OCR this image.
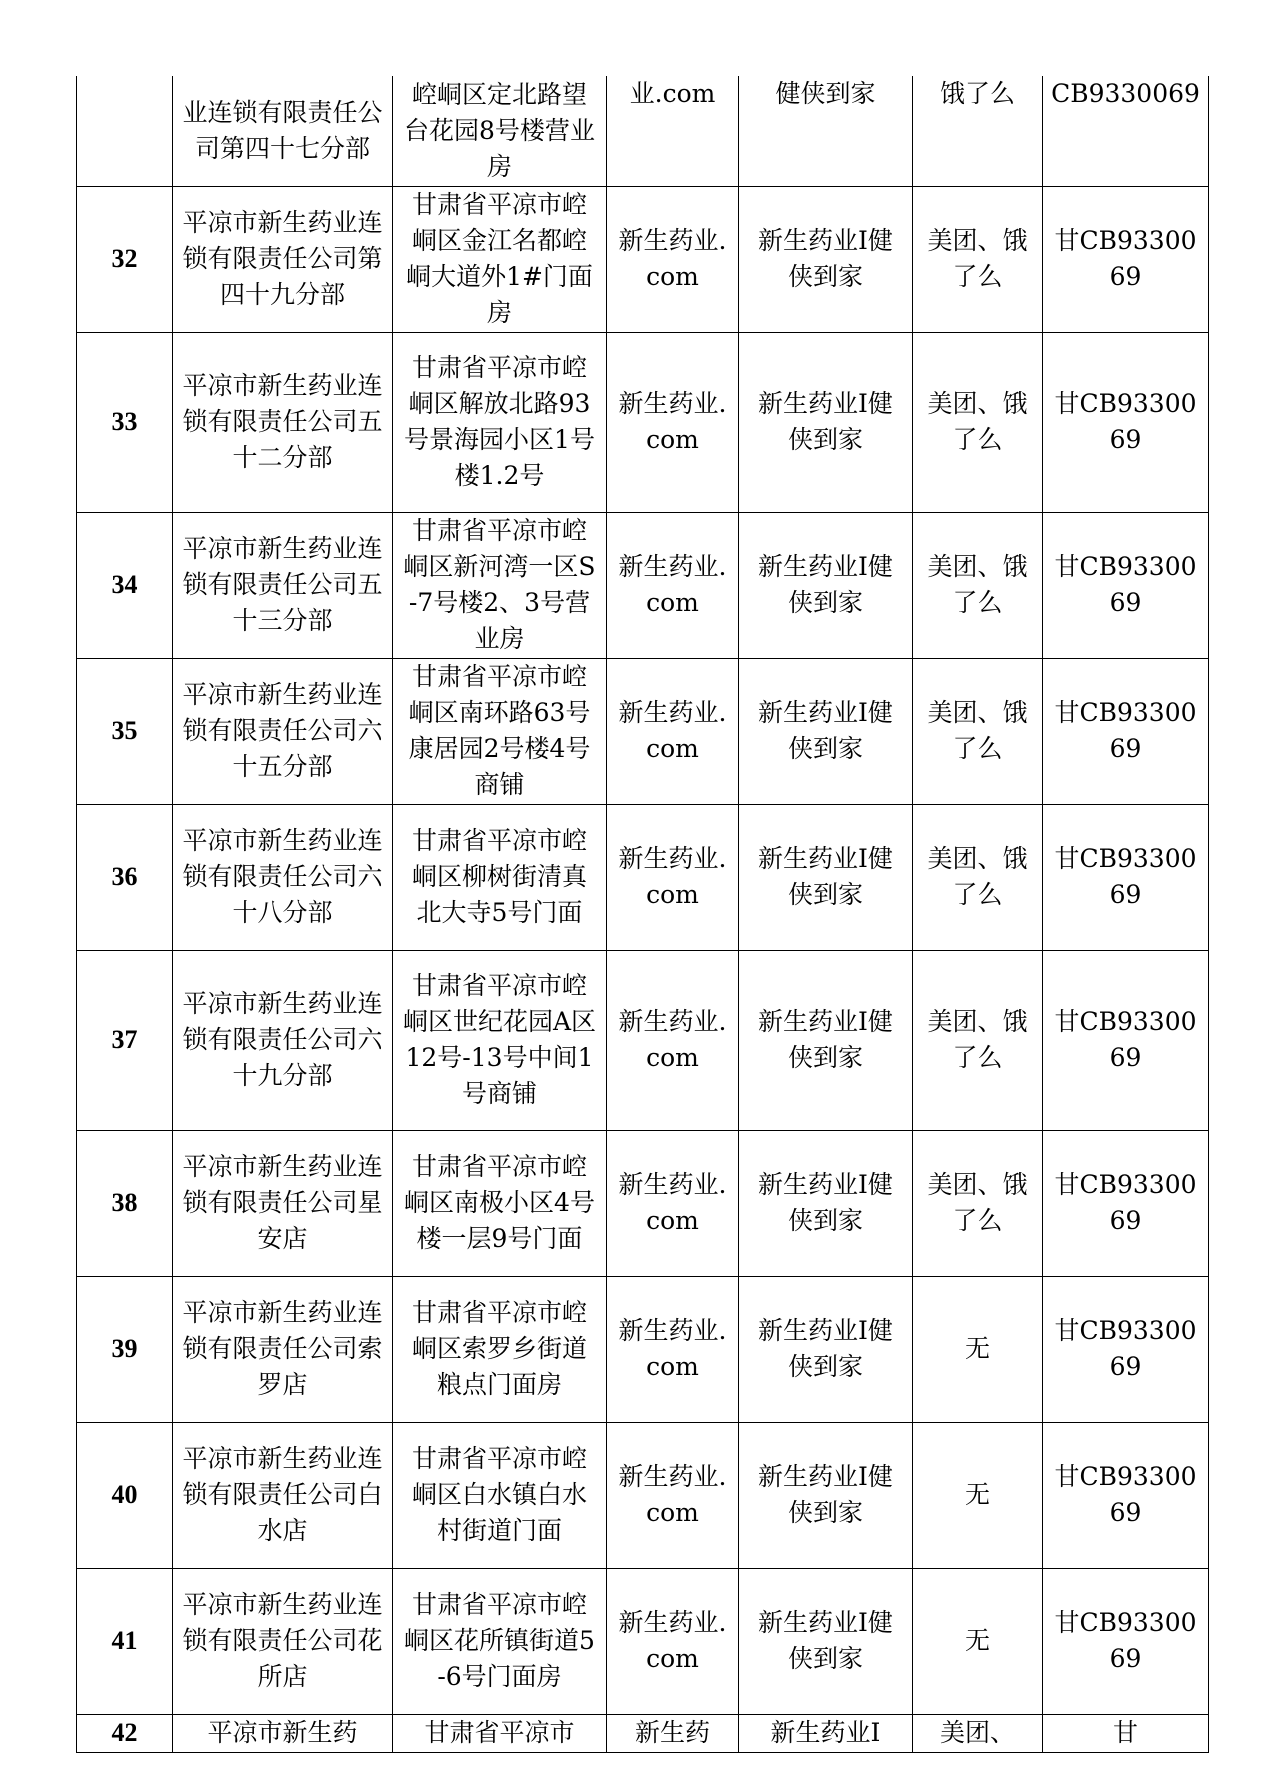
	业连锁有限责任公司第四十七分部	崆峒区定北路望台花园8号楼营业房	业.com	健侠到家	饿了么	CB9330069
32	平凉市新生药业连锁有限责任公司第四十九分部	甘肃省平凉市崆峒区金江名都崆峒大道外1#门面房	新生药业.com	新生药业I健侠到家	美团、饿了么	甘CB9330069
33	平凉市新生药业连锁有限责任公司五十二分部	甘肃省平凉市崆峒区解放北路93号景海园小区1号楼1.2号	新生药业.com	新生药业I健侠到家	美团、饿了么	甘CB9330069
34	平凉市新生药业连锁有限责任公司五十三分部	甘肃省平凉市崆峒区新河湾一区S-7号楼2、3号营业房	新生药业.com	新生药业I健侠到家	美团、饿了么	甘CB9330069
35	平凉市新生药业连锁有限责任公司六十五分部	甘肃省平凉市崆峒区南环路63号康居园2号楼4号商铺	新生药业.com	新生药业I健侠到家	美团、饿了么	甘CB9330069
36	平凉市新生药业连锁有限责任公司六十八分部	甘肃省平凉市崆峒区柳树街清真北大寺5号门面	新生药业.com	新生药业I健侠到家	美团、饿了么	甘CB9330069
37	平凉市新生药业连锁有限责任公司六十九分部	甘肃省平凉市崆峒区世纪花园A区12号-13号中间1号商铺	新生药业.com	新生药业I健侠到家	美团、饿了么	甘CB9330069
38	平凉市新生药业连锁有限责任公司星安店	甘肃省平凉市崆峒区南极小区4号楼一层9号门面	新生药业.com	新生药业I健侠到家	美团、饿了么	甘CB9330069
39	平凉市新生药业连锁有限责任公司索罗店	甘肃省平凉市崆峒区索罗乡街道粮点门面房	新生药业.com	新生药业I健侠到家	无	甘CB9330069
40	平凉市新生药业连锁有限责任公司白水店	甘肃省平凉市崆峒区白水镇白水村街道门面	新生药业.com	新生药业I健侠到家	无	甘CB9330069
41	平凉市新生药业连锁有限责任公司花所店	甘肃省平凉市崆峒区花所镇街道5-6号门面房	新生药业.com	新生药业I健侠到家	无	甘CB9330069
42	平凉市新生药	甘肃省平凉市	新生药	新生药业I	美团、	甘
